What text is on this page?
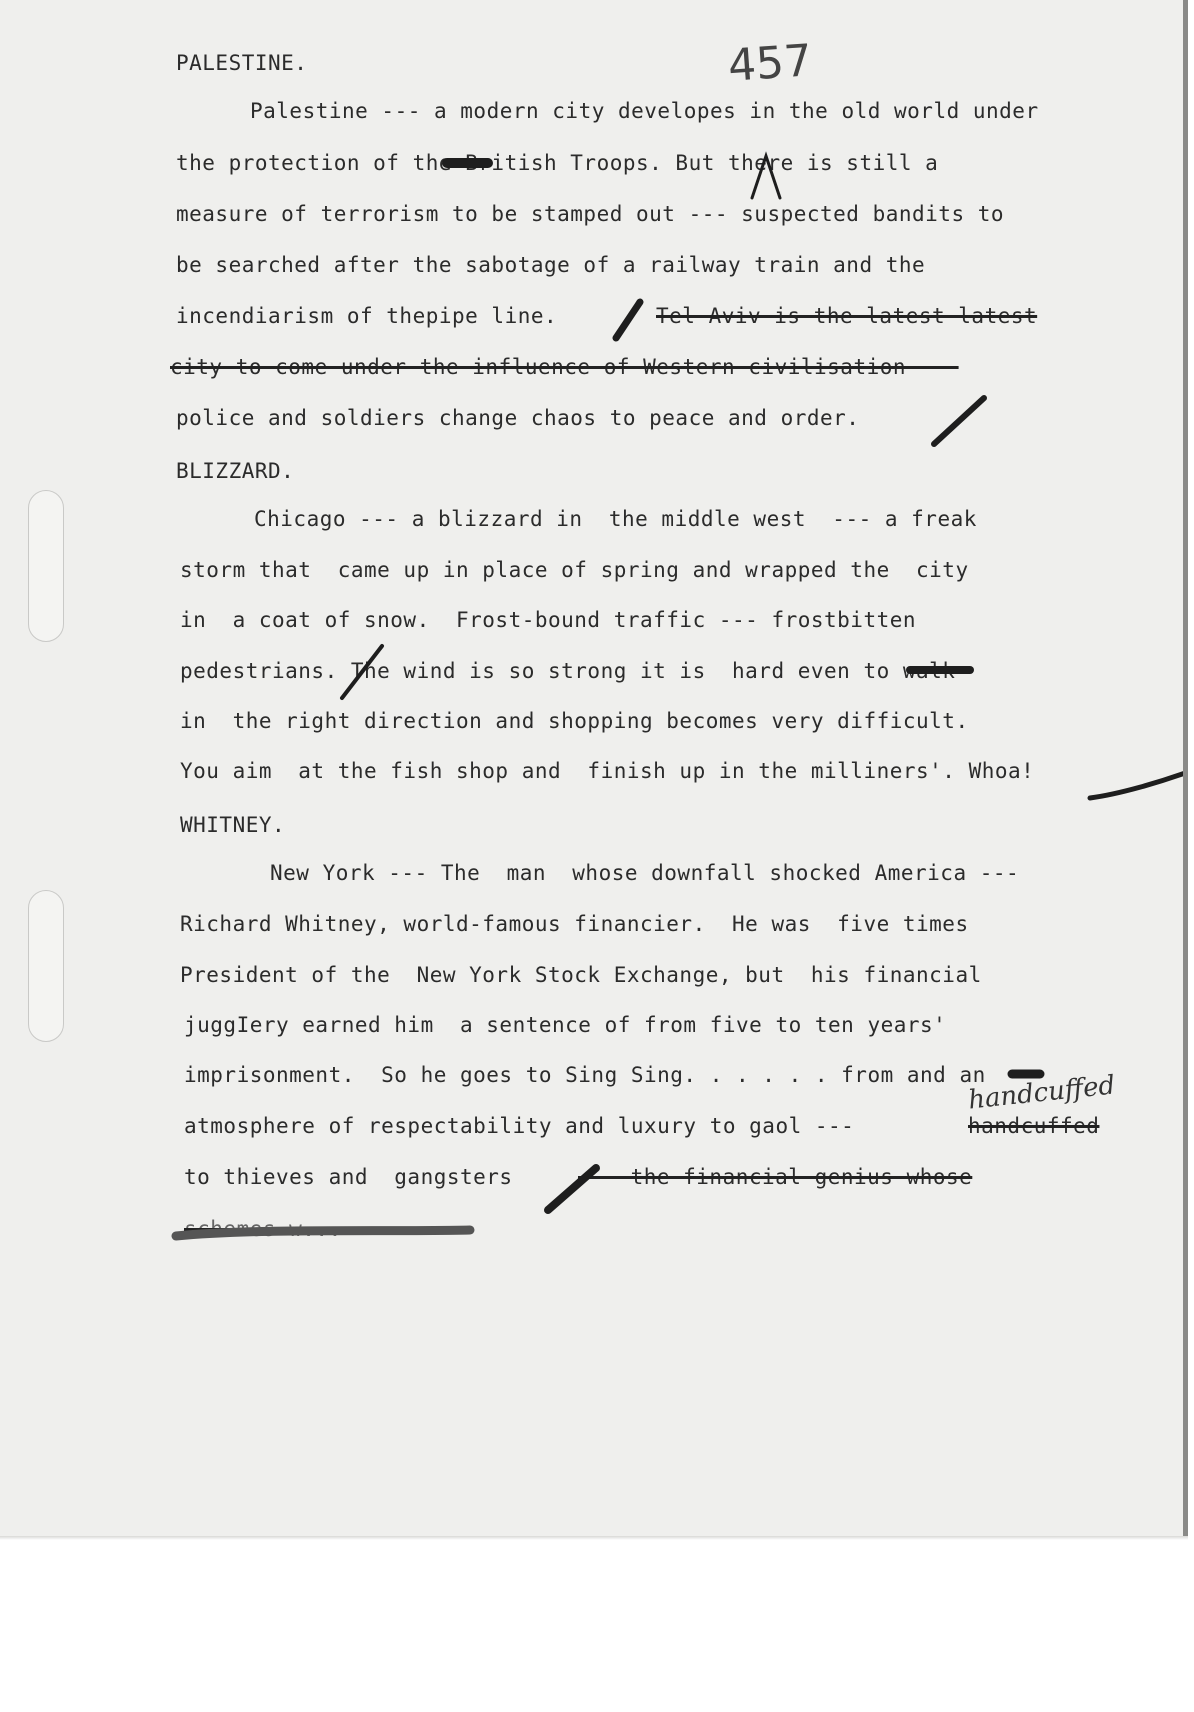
457
PALESTINE.
Palestine --- a modern city developes in the old world under
the protection of the British Troops. But there is still a
measure of terrorism to be stamped out --- suspected bandits to
be searched after the sabotage of a railway train and the
incendiarism of thepipe line.	Tel Aviv is the latest latest
city to come under the influence of Western civilisation ---
police and soldiers change chaos to peace and order.
BLIZZARD.
Chicago --- a blizzard in  the middle west  --- a freak
storm that  came up in place of spring and wrapped the  city
in  a coat of snow.  Frost-bound traffic --- frostbitten
pedestrians. The wind is so strong it is  hard even to walk
in  the right direction and shopping becomes very difficult.
You aim  at the fish shop and  finish up in the milliners'. Whoa!
WHITNEY.
New York --- The  man  whose downfall shocked America ---
Richard Whitney, world-famous financier.  He was  five times
President of the  New York Stock Exchange, but  his financial
juggIery earned him  a sentence of from five to ten years'
imprisonment.  So he goes to Sing Sing. . . . . . from and an
atmosphere of respectability and luxury to gaol ---	handcuffed
to thieves and  gangsters	--- the financial genius whose
schemes w...
handcuffed
